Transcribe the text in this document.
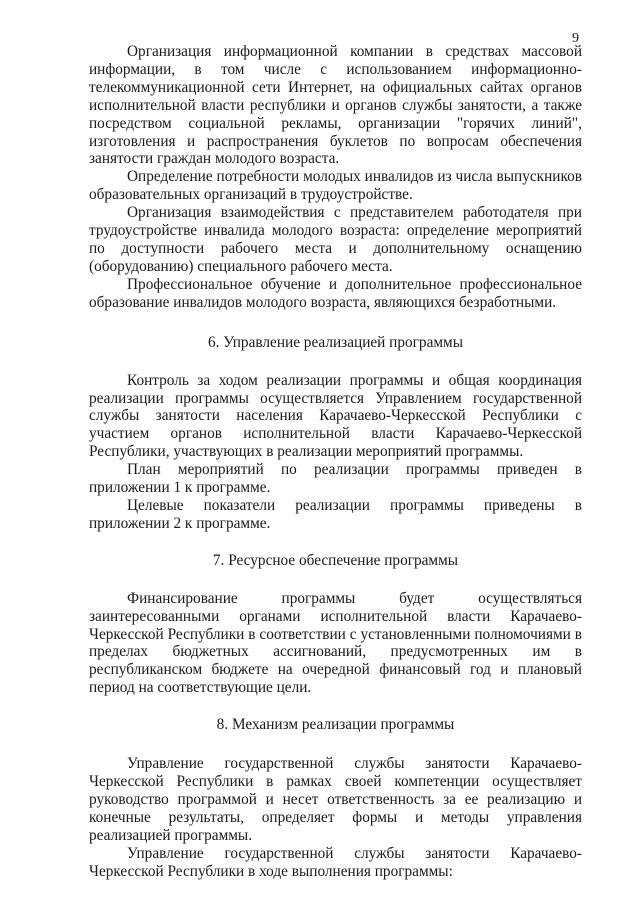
9

Организация информационной компании в средствах массовой информации, в том числе с использованием информационно-телекоммуникационной сети Интернет, на официальных сайтах органов исполнительной власти республики и органов службы занятости, а также посредством социальной рекламы, организации "горячих линий", изготовления и распространения буклетов по вопросам обеспечения занятости граждан молодого возраста.

Определение потребности молодых инвалидов из числа выпускников образовательных организаций в трудоустройстве.

Организация взаимодействия с представителем работодателя при трудоустройстве инвалида молодого возраста: определение мероприятий по доступности рабочего места и дополнительному оснащению (оборудованию) специального рабочего места.

Профессиональное обучение и дополнительное профессиональное образование инвалидов молодого возраста, являющихся безработными.

6. Управление реализацией программы

Контроль за ходом реализации программы и общая координация реализации программы осуществляется Управлением государственной службы занятости населения Карачаево-Черкесской Республики с участием органов исполнительной власти Карачаево-Черкесской Республики, участвующих в реализации мероприятий программы.

План мероприятий по реализации программы приведен в приложении 1 к программе.

Целевые показатели реализации программы приведены в приложении 2 к программе.

7. Ресурсное обеспечение программы

Финансирование программы будет осуществляться заинтересованными органами исполнительной власти Карачаево-Черкесской Республики в соответствии с установленными полномочиями в пределах бюджетных ассигнований, предусмотренных им в республиканском бюджете на очередной финансовый год и плановый период на соответствующие цели.

8. Механизм реализации программы

Управление государственной службы занятости Карачаево-Черкесской Республики в рамках своей компетенции осуществляет руководство программой и несет ответственность за ее реализацию и конечные результаты, определяет формы и методы управления реализацией программы.

Управление государственной службы занятости Карачаево-Черкесской Республики в ходе выполнения программы:
